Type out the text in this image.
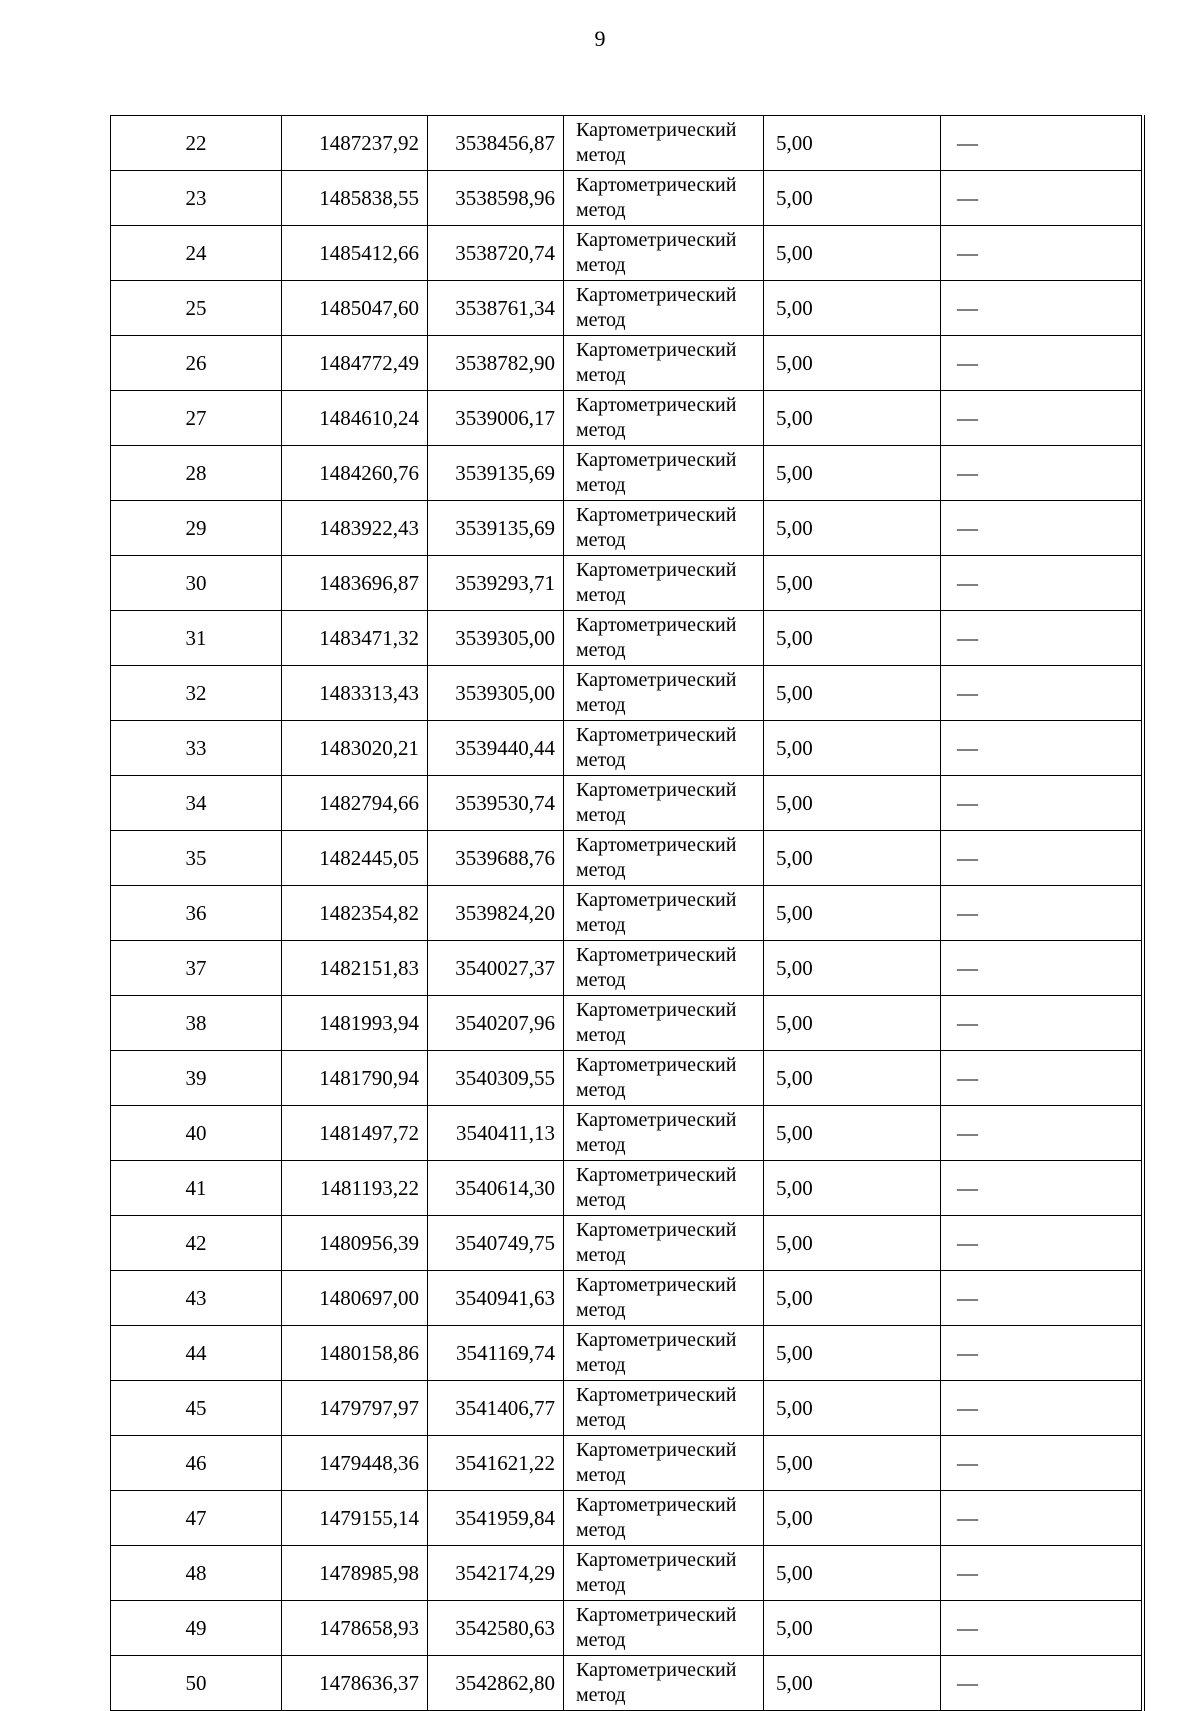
9
22	1487237,92	3538456,87	Картометрический метод	5,00	—
23	1485838,55	3538598,96	Картометрический метод	5,00	—
24	1485412,66	3538720,74	Картометрический метод	5,00	—
25	1485047,60	3538761,34	Картометрический метод	5,00	—
26	1484772,49	3538782,90	Картометрический метод	5,00	—
27	1484610,24	3539006,17	Картометрический метод	5,00	—
28	1484260,76	3539135,69	Картометрический метод	5,00	—
29	1483922,43	3539135,69	Картометрический метод	5,00	—
30	1483696,87	3539293,71	Картометрический метод	5,00	—
31	1483471,32	3539305,00	Картометрический метод	5,00	—
32	1483313,43	3539305,00	Картометрический метод	5,00	—
33	1483020,21	3539440,44	Картометрический метод	5,00	—
34	1482794,66	3539530,74	Картометрический метод	5,00	—
35	1482445,05	3539688,76	Картометрический метод	5,00	—
36	1482354,82	3539824,20	Картометрический метод	5,00	—
37	1482151,83	3540027,37	Картометрический метод	5,00	—
38	1481993,94	3540207,96	Картометрический метод	5,00	—
39	1481790,94	3540309,55	Картометрический метод	5,00	—
40	1481497,72	3540411,13	Картометрический метод	5,00	—
41	1481193,22	3540614,30	Картометрический метод	5,00	—
42	1480956,39	3540749,75	Картометрический метод	5,00	—
43	1480697,00	3540941,63	Картометрический метод	5,00	—
44	1480158,86	3541169,74	Картометрический метод	5,00	—
45	1479797,97	3541406,77	Картометрический метод	5,00	—
46	1479448,36	3541621,22	Картометрический метод	5,00	—
47	1479155,14	3541959,84	Картометрический метод	5,00	—
48	1478985,98	3542174,29	Картометрический метод	5,00	—
49	1478658,93	3542580,63	Картометрический метод	5,00	—
50	1478636,37	3542862,80	Картометрический метод	5,00	—
